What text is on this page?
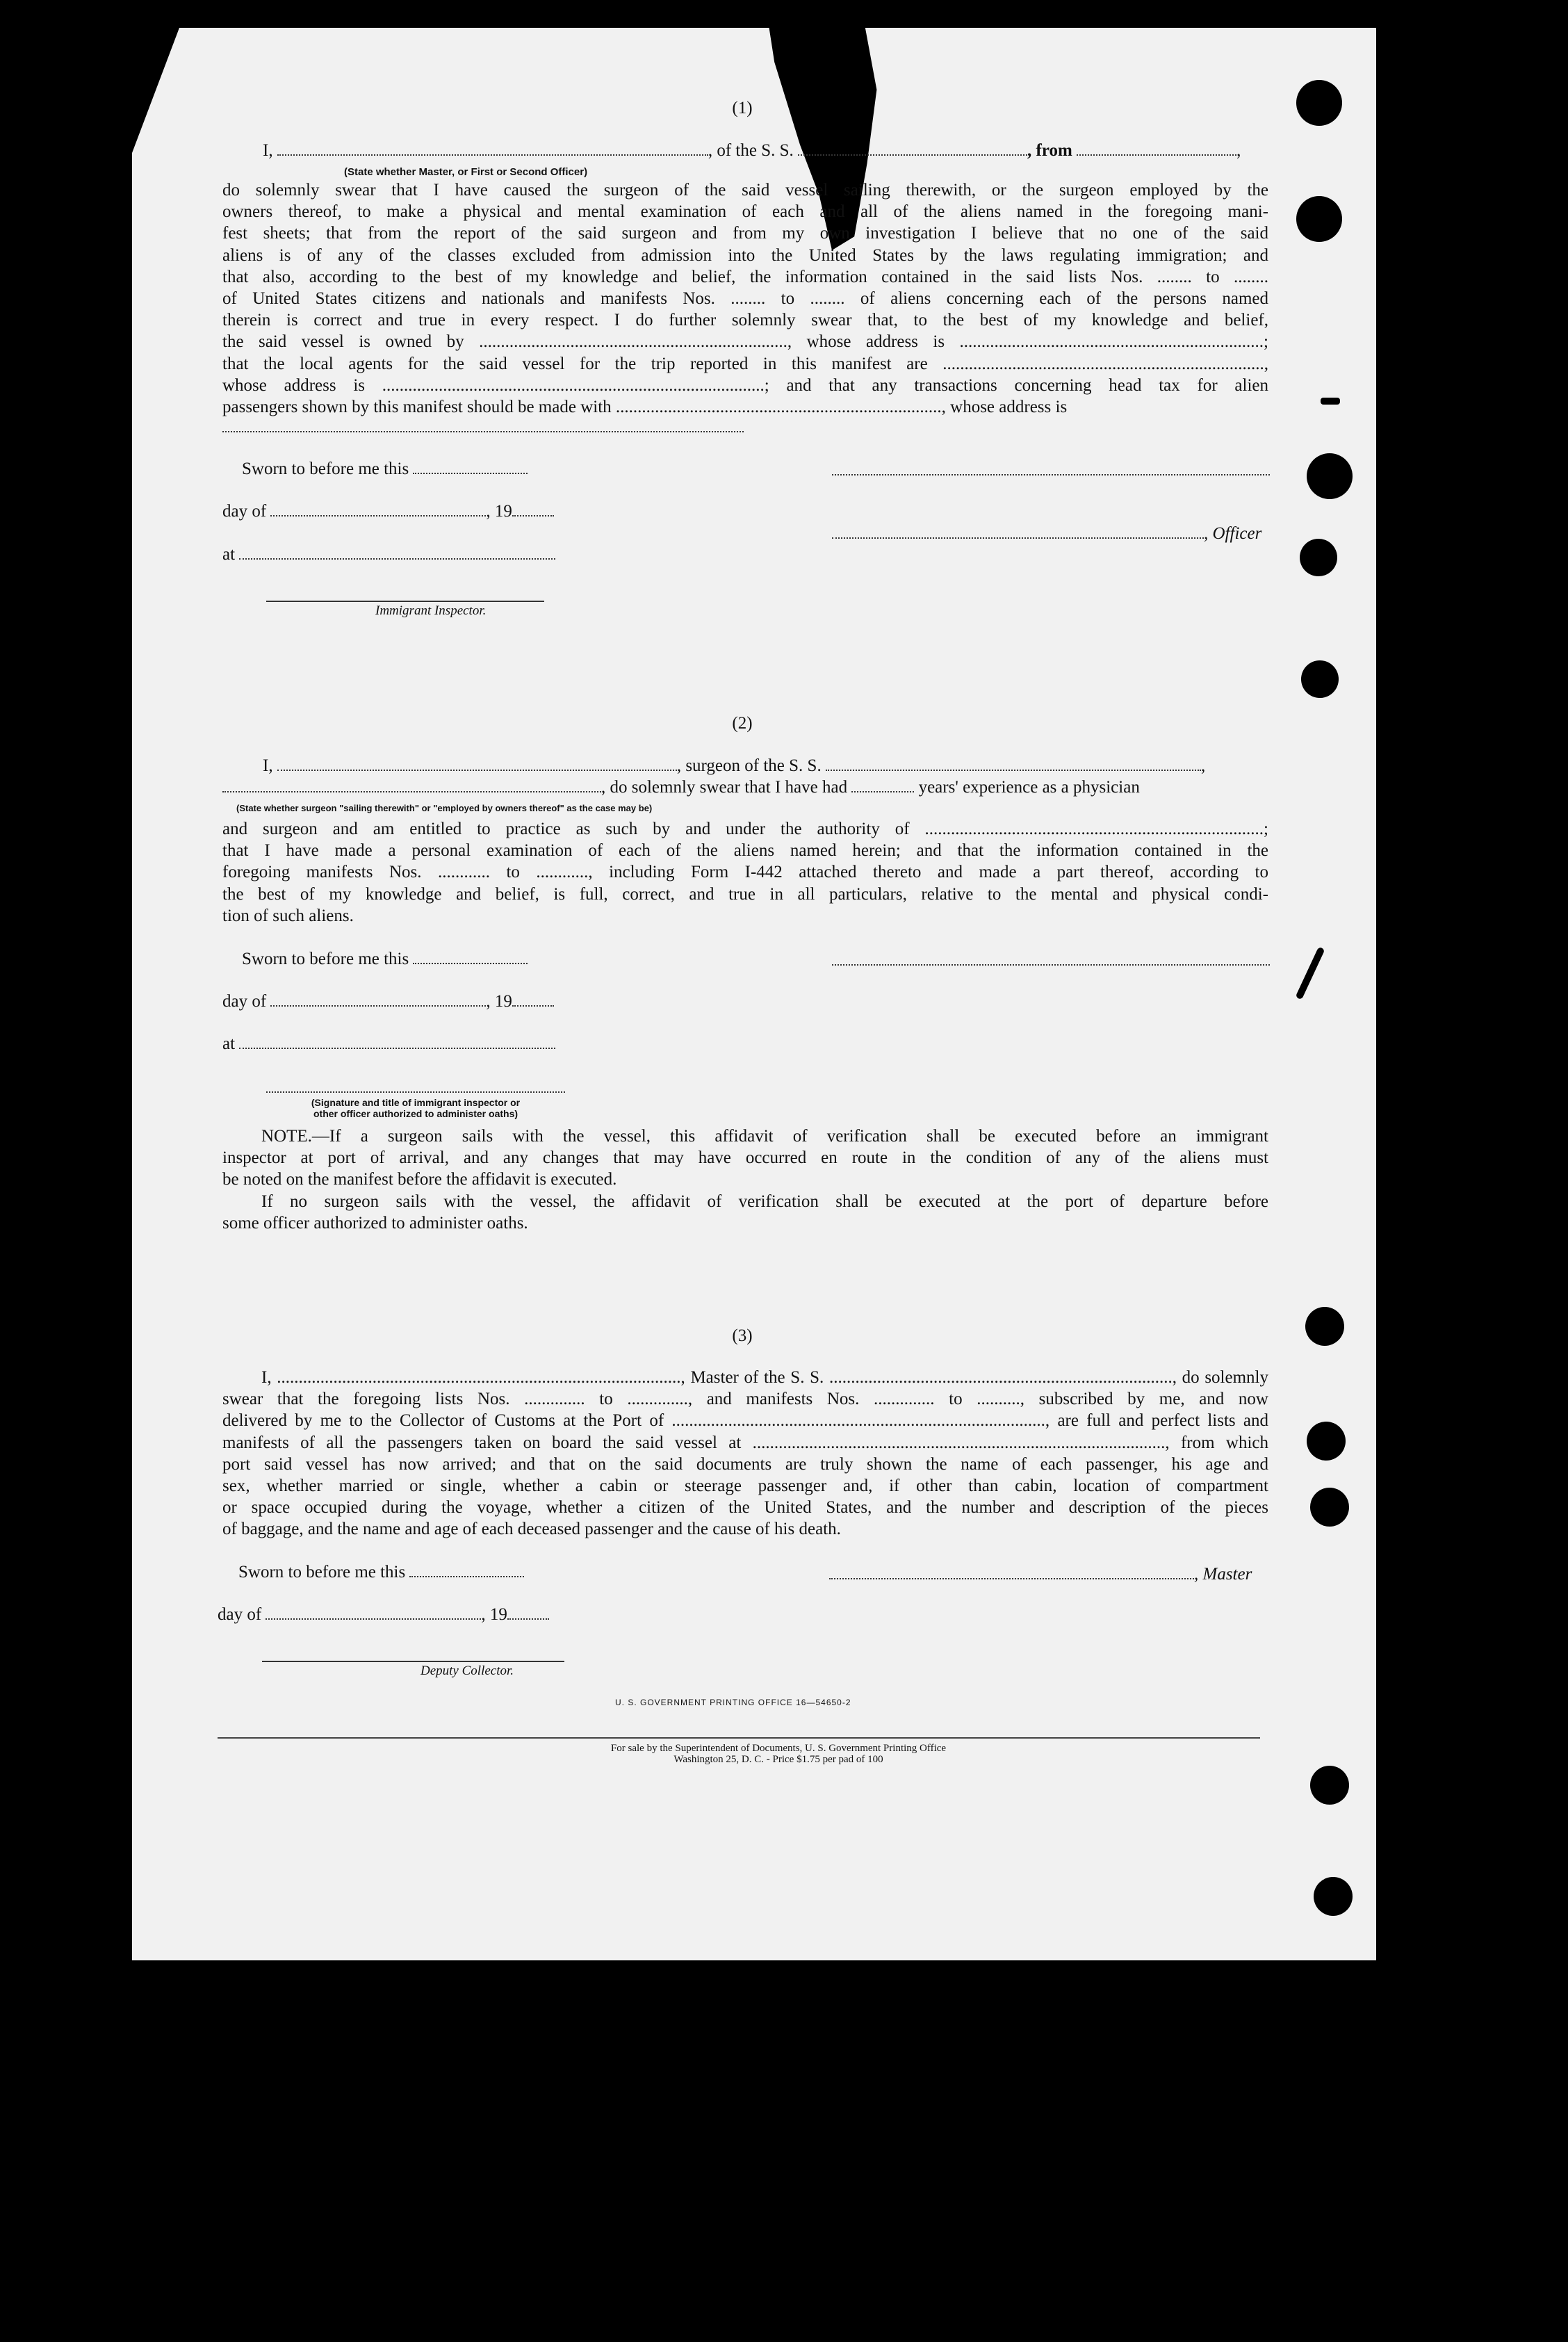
(1)
I,	, of the S. S.	, from	,
(State whether Master, or First or Second Officer)

do solemnly swear that I have caused the surgeon of the said vessel sailing therewith, or the surgeon employed by the

owners thereof, to make a physical and mental examination of each and all of the aliens named in the foregoing mani-

fest sheets; that from the report of the said surgeon and from my own investigation I believe that no one of the said

aliens is of any of the classes excluded from admission into the United States by the laws regulating immigration; and

that also, according to the best of my knowledge and belief, the information contained in the said lists Nos. ........ to ........

of United States citizens and nationals and manifests Nos. ........ to ........ of aliens concerning each of the persons named

therein is correct and true in every respect. I do further solemnly swear that, to the best of my knowledge and belief,

the said vessel is owned by ......................................................................., whose address is ......................................................................;

that the local agents for the said vessel for the trip reported in this manifest are ..........................................................................,

whose address is ........................................................................................; and that any transactions concerning head tax for alien

passengers shown by this manifest should be made with ..........................................................................., whose address is

Sworn to before me this
day of	, 19
, Officer
at
Immigrant Inspector.
(2)
I,	, surgeon of the S. S.	,
, do solemnly swear that I have had	years' experience as a physician
(State whether surgeon "sailing therewith" or "employed by owners thereof" as the case may be)

and surgeon and am entitled to practice as such by and under the authority of ..............................................................................;

that I have made a personal examination of each of the aliens named herein; and that the information contained in the

foregoing manifests Nos. ............ to ............, including Form I-442 attached thereto and made a part thereof, according to

the best of my knowledge and belief, is full, correct, and true in all particulars, relative to the mental and physical condi-

tion of such aliens.

Sworn to before me this
day of	, 19
at
(Signature and title of immigrant inspector or
other officer authorized to administer oaths)

NOTE.—If a surgeon sails with the vessel, this affidavit of verification shall be executed before an immigrant

inspector at port of arrival, and any changes that may have occurred en route in the condition of any of the aliens must

be noted on the manifest before the affidavit is executed.

If no surgeon sails with the vessel, the affidavit of verification shall be executed at the port of departure before

some officer authorized to administer oaths.

(3)

I, ............................................................................................., Master of the S. S. ..............................................................................., do solemnly

swear that the foregoing lists Nos. .............. to .............., and manifests Nos. .............. to .........., subscribed by me, and now

delivered by me to the Collector of Customs at the Port of ......................................................................................, are full and perfect lists and

manifests of all the passengers taken on board the said vessel at ..............................................................................................., from which

port said vessel has now arrived; and that on the said documents are truly shown the name of each passenger, his age and

sex, whether married or single, whether a cabin or steerage passenger and, if other than cabin, location of compartment

or space occupied during the voyage, whether a citizen of the United States, and the number and description of the pieces

of baggage, and the name and age of each deceased passenger and the cause of his death.

Sworn to before me this	, Master
day of	, 19
Deputy Collector.
U. S. GOVERNMENT PRINTING OFFICE 16—54650-2
For sale by the Superintendent of Documents, U. S. Government Printing Office
Washington 25, D. C. - Price $1.75 per pad of 100
